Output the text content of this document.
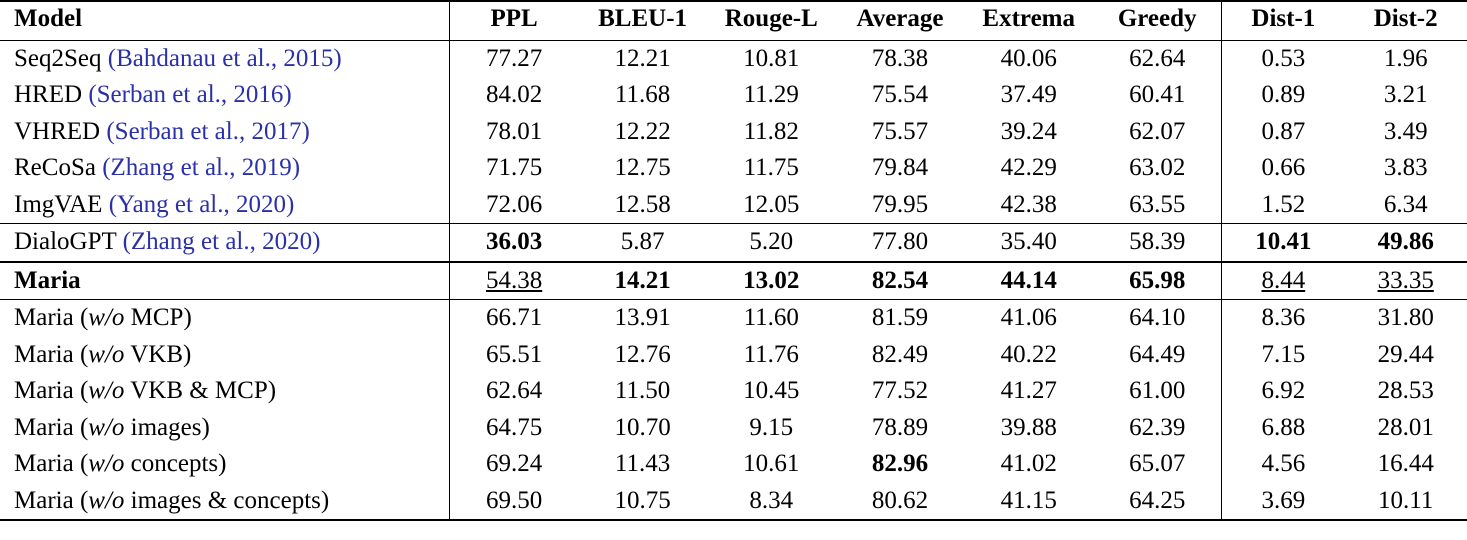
Model	PPL	BLEU-1	Rouge-L	Average	Extrema	Greedy	Dist-1	Dist-2

Seq2Seq (Bahdanau et al., 2015)	77.27	12.21	10.81	78.38	40.06	62.64	0.53	1.96

HRED (Serban et al., 2016)	84.02	11.68	11.29	75.54	37.49	60.41	0.89	3.21

VHRED (Serban et al., 2017)	78.01	12.22	11.82	75.57	39.24	62.07	0.87	3.49

ReCoSa (Zhang et al., 2019)	71.75	12.75	11.75	79.84	42.29	63.02	0.66	3.83

ImgVAE (Yang et al., 2020)	72.06	12.58	12.05	79.95	42.38	63.55	1.52	6.34

DialoGPT (Zhang et al., 2020)	36.03	5.87	5.20	77.80	35.40	58.39	10.41	49.86

Maria	54.38	14.21	13.02	82.54	44.14	65.98	8.44	33.35

Maria (w/o MCP)	66.71	13.91	11.60	81.59	41.06	64.10	8.36	31.80

Maria (w/o VKB)	65.51	12.76	11.76	82.49	40.22	64.49	7.15	29.44

Maria (w/o VKB & MCP)	62.64	11.50	10.45	77.52	41.27	61.00	6.92	28.53

Maria (w/o images)	64.75	10.70	9.15	78.89	39.88	62.39	6.88	28.01

Maria (w/o concepts)	69.24	11.43	10.61	82.96	41.02	65.07	4.56	16.44

Maria (w/o images & concepts)	69.50	10.75	8.34	80.62	41.15	64.25	3.69	10.11
